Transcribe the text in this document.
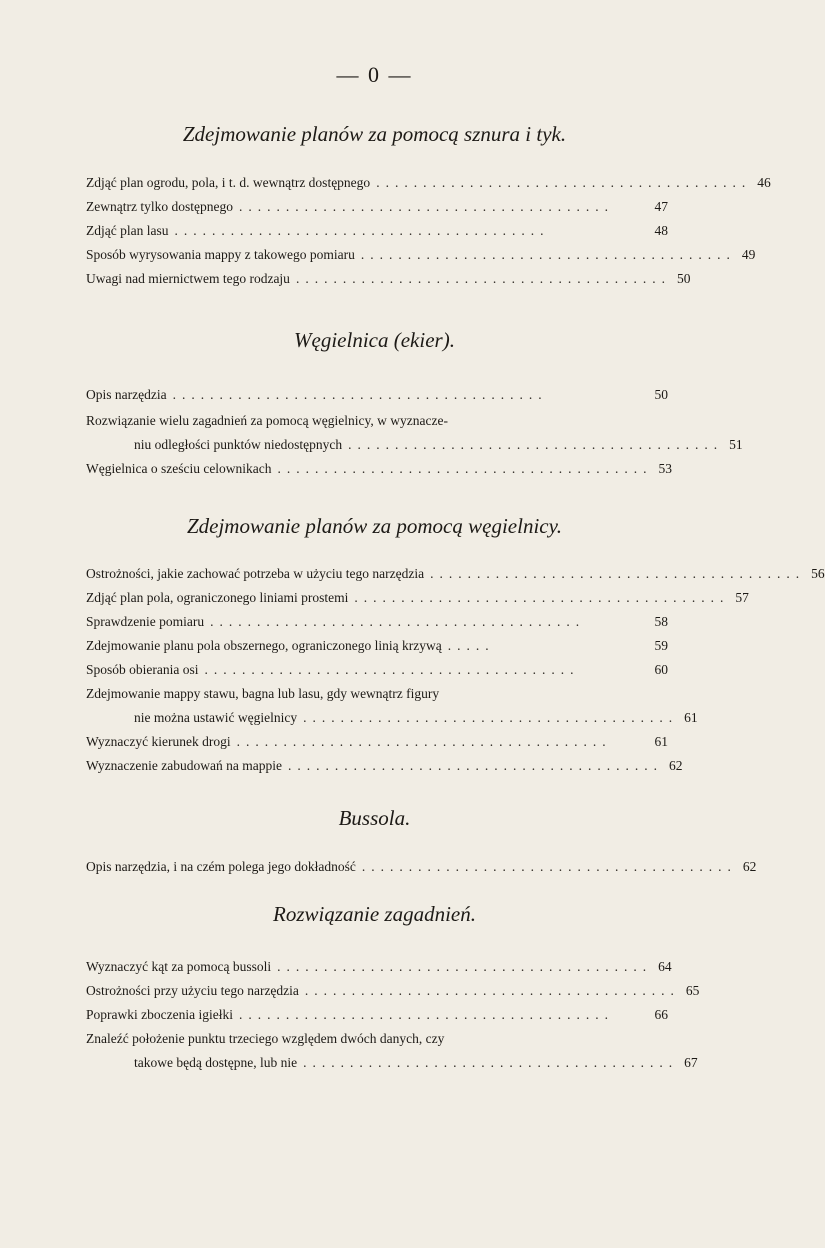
— 0 —
Zdejmowanie planów za pomocą sznura i tyk.
Zdjąć plan ogrodu, pola, i t. d. wewnątrz dostępnego ........................................ 46
Zewnątrz tylko dostępnego ........................................	47
Zdjąć plan lasu ........................................	48
Sposób wyrysowania mappy z takowego pomiaru ........................................ 49
Uwagi nad miernictwem tego rodzaju ........................................ 50
Węgielnica (ekier).
Opis narzędzia ........................................	50
Rozwiązanie wielu zagadnień za pomocą węgielnicy, w wyznacze-
niu odległości punktów niedostępnych ........................................ 51
Węgielnica o sześciu celownikach ........................................ 53
Zdejmowanie planów za pomocą węgielnicy.
Ostrożności, jakie zachować potrzeba w użyciu tego narzędzia ........................................ 56
Zdjąć plan pola, ograniczonego liniami prostemi ........................................ 57
Sprawdzenie pomiaru ........................................	58
Zdejmowanie planu pola obszernego, ograniczonego linią krzywą .....	59
Sposób obierania osi ........................................	60
Zdejmowanie mappy stawu, bagna lub lasu, gdy wewnątrz figury
nie można ustawić węgielnicy ........................................ 61
Wyznaczyć kierunek drogi ........................................	61
Wyznaczenie zabudowań na mappie ........................................ 62
Bussola.
Opis narzędzia, i na czém polega jego dokładność ........................................ 62
Rozwiązanie zagadnień.
Wyznaczyć kąt za pomocą bussoli ........................................ 64
Ostrożności przy użyciu tego narzędzia ........................................ 65
Poprawki zboczenia igiełki ........................................	66
Znaleźć położenie punktu trzeciego względem dwóch danych, czy
takowe będą dostępne, lub nie ........................................ 67
